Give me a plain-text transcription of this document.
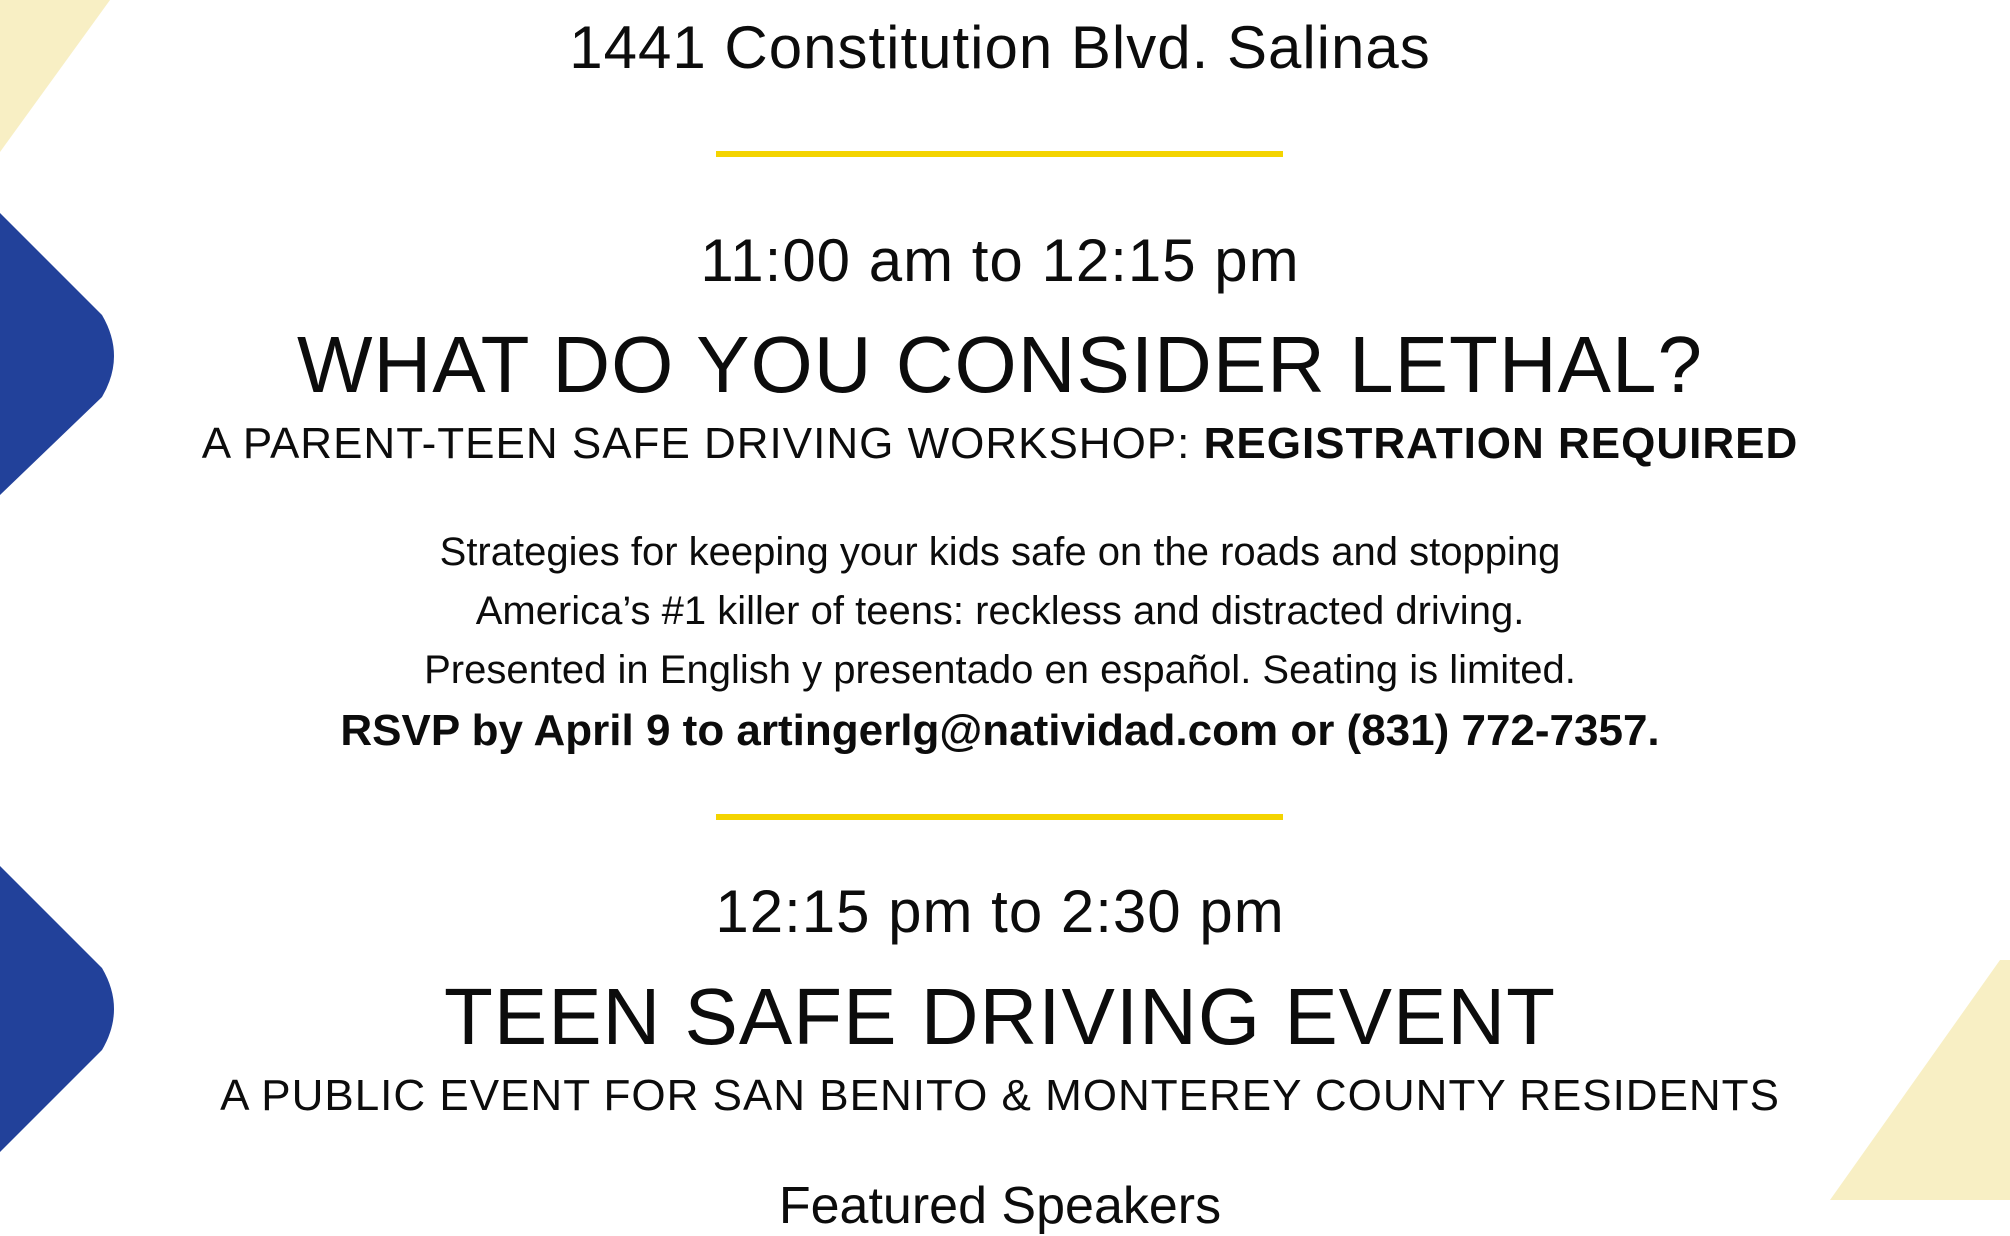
1441 Constitution Blvd. Salinas
11:00 am to 12:15 pm
WHAT DO YOU CONSIDER LETHAL?
A PARENT-TEEN SAFE DRIVING WORKSHOP: REGISTRATION REQUIRED
Strategies for keeping your kids safe on the roads and stopping
America’s #1 killer of teens: reckless and distracted driving.
Presented in English y presentado en español. Seating is limited.
RSVP by April 9 to artingerlg@natividad.com or (831) 772-7357.
12:15 pm to 2:30 pm
TEEN SAFE DRIVING EVENT
A PUBLIC EVENT FOR SAN BENITO & MONTEREY COUNTY RESIDENTS
Featured Speakers
